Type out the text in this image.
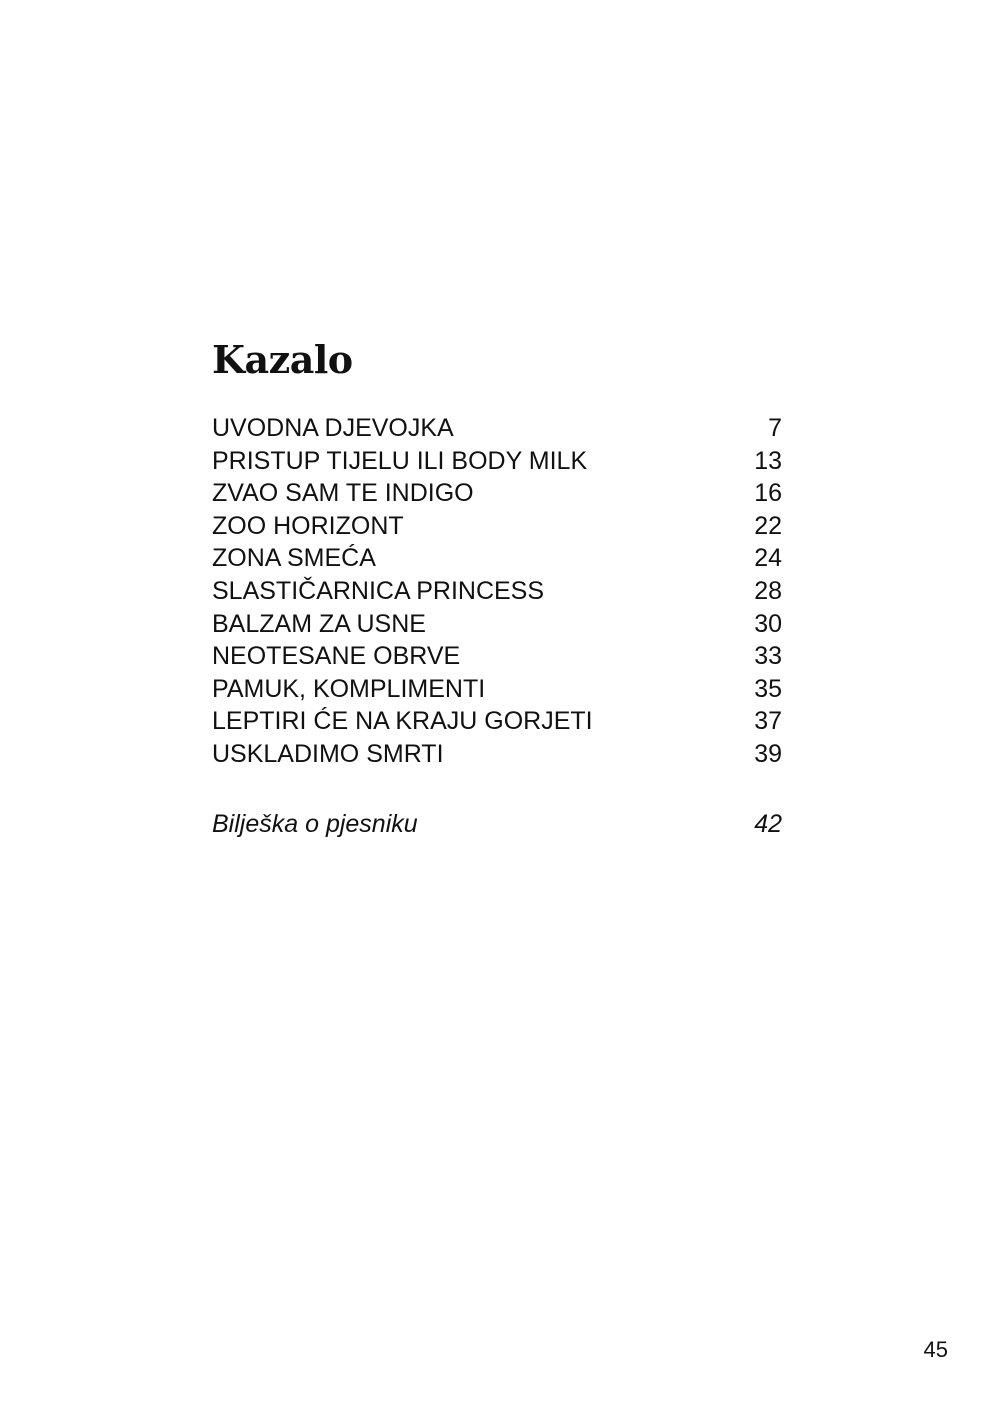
Kazalo
UVODNA DJEVOJKA	7
PRISTUP TIJELU ILI BODY MILK	13
ZVAO SAM TE INDIGO	16
ZOO HORIZONT	22
ZONA SMEĆA	24
SLASTIČARNICA PRINCESS	28
BALZAM ZA USNE	30
NEOTESANE OBRVE	33
PAMUK, KOMPLIMENTI	35
LEPTIRI ĆE NA KRAJU GORJETI	37
USKLADIMO SMRTI	39
Bilješka o pjesniku	42
45
